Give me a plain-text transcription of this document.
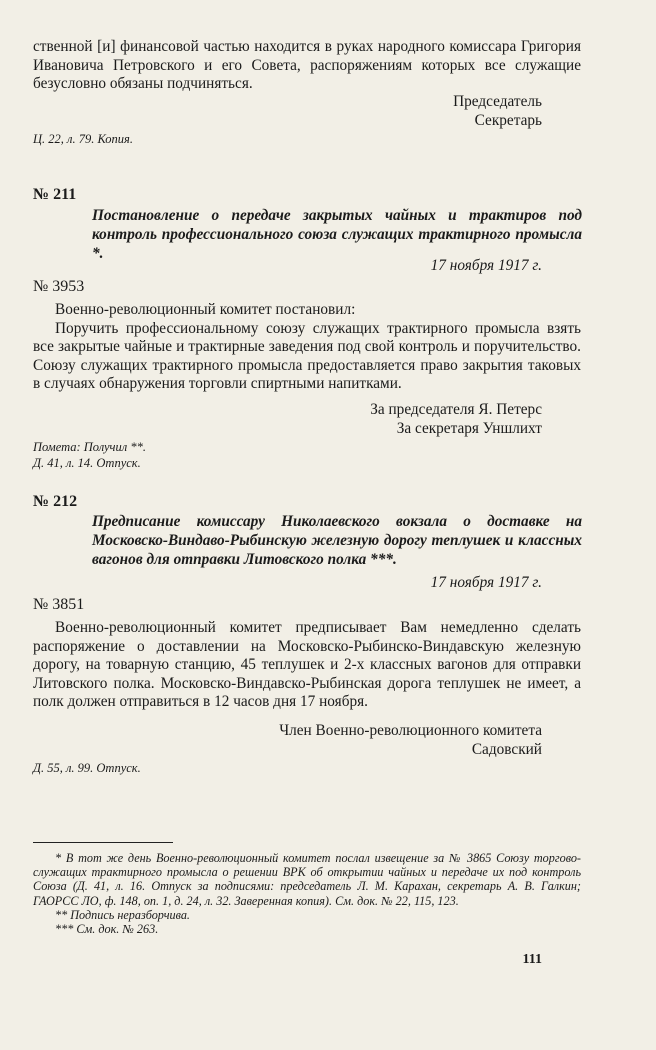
ственной [и] финансовой частью находится в руках народного комиссара Григория Ивановича Петровского и его Совета, распоряжениям которых все служащие безусловно обязаны подчиняться.

Председатель
Секретарь
Ц. 22, л. 79. Копия.
№ 211
Постановление о передаче закрытых чайных и трактиров под контроль профессионального союза служащих трактирного промысла *.
17 ноября 1917 г.
№ 3953

Военно-революционный комитет постановил:

Поручить профессиональному союзу служащих трактирного промысла взять все закрытые чайные и трактирные заведения под свой контроль и поручительство. Союзу служащих трактирного промысла предоставляется право закрытия таковых в случаях обнаружения торговли спиртными напитками.

За председателя Я. Петерс
За секретаря Уншлихт
Пометa: Получил **.
Д. 41, л. 14. Отпуск.
№ 212
Предписание комиссару Николаевского вокзала о доставке на Московско-Виндаво-Рыбинскую железную дорогу теплушек и классных вагонов для отправки Литовского полка ***.
17 ноября 1917 г.
№ 3851

Военно-революционный комитет предписывает Вам немедленно сделать распоряжение о доставлении на Московско-Рыбинско-Виндавскую железную дорогу, на товарную станцию, 45 теплушек и 2-х классных вагонов для отправки Литовского полка. Московско-Виндавско-Рыбинская дорога теплушек не имеет, а полк должен отправиться в 12 часов дня 17 ноября.

Член Военно-революционного комитета
Садовский
Д. 55, л. 99. Отпуск.

* В тот же день Военно-революционный комитет послал извещение за № 3865 Союзу торгово-служащих трактирного промысла о решении ВРК об открытии чайных и передаче их под контроль Союза (Д. 41, л. 16. Отпуск за подписями: председатель Л. М. Карахан, секретарь А. В. Галкин; ГАОРСС ЛО, ф. 148, оп. 1, д. 24, л. 32. Заверенная копия). См. док. № 22, 115, 123.

** Подпись неразборчива.

*** См. док. № 263.

111
